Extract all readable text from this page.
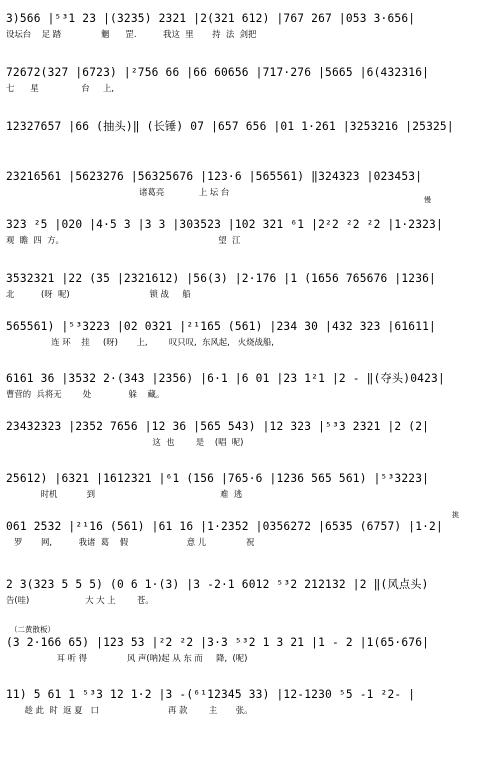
3)566 |⁵³1 23 |(3235) 2321 |2(321 612) |767 267 |053 3·656|
设坛台    足 踏               魍      罡.          我这  里       持  法  剑把
72672(327 |6723) |²756 66 |66 60656 |717·276 |5665 |6(432316|
七      星                台     上,
12327657 |66 (抽头)‖ (长锤) 07 |657 656 |01 1·261 |3253216 |25325|
23216561 |5623276 |56325676 |123·6 |565561) ‖324323 |023453|
诸葛亮             上 坛 台
慢
323 ²5 |020 |4·5 3 |3 3 |303523 |102 321 ⁶1 |2²2 ²2 ²2 |1·2323|
观  瞻  四  方。                                                          望  江
3532321 |22 (35 |2321612) |56(3) |2·176 |1 (1656 765676 |1236|
北          (呀  呢)                              锁 战     船
565561) |⁵³3223 |02 0321 |²¹165 (561) |234 30 |432 323 |61611|
连 环    挂     (呀)       上,        叹只叹,  东风起,   火烧战船,
6161 36 |3532 2·(343 |2356) |6·1 |6 01 |23 1²1 |2 - ‖(夺头)0423|
曹营的  兵将无        处              躲    藏。
23432323 |2352 7656 |12 36 |565 543) |12 323 |⁵³3 2321 |2 (2|
这  也        是    (唱  呢)
25612) |6321 |1612321 |⁶1 (156 |765·6 |1236 565 561) |⁵³3223|
时机           到                                               难  逃
挑
061 2532 |²¹16 (561) |61 16 |1·2352 |0356272 |6535 (6757) |1·2|
罗       网,          我诸  葛    假                      意 儿               祝
2 3(323 5 5 5) (0 6 1·(3) |3 -2·1 6012 ⁵³2 212132 |2 ‖(风点头)
告(哇)                     大 大 上        苍。
（二黄散板）
(3 2·166 65) |123 53 |²2 ²2 |3·3 ⁵³2 1 3 21 |1 - 2 |1(65·676|
耳 听 得               风 声(呐)起 从 东 而     降,  (呢)
11) 5 61 1 ⁵³3 12 1·2 |3 -(⁶¹12345 33) |12-1230 ⁵5 -1 ²2- |
趁 此  时  返 夏   口                          再 款        主       张。
